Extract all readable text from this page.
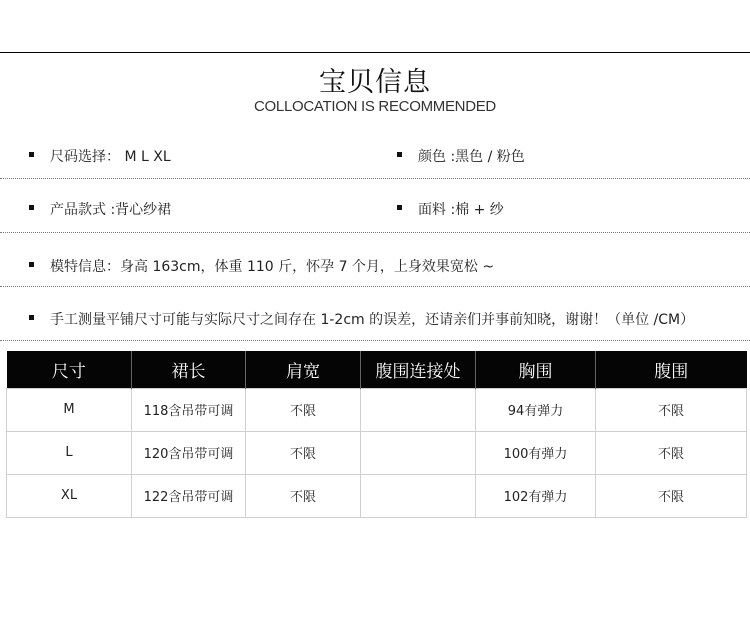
宝贝信息
COLLOCATION IS RECOMMENDED
尺码选择： M L XL	颜色 :黑色 / 粉色
产品款式 :背心纱裙	面料 :棉 + 纱
模特信息：身高 163cm，体重 110 斤，怀孕 7 个月，上身效果宽松 ~
手工测量平铺尺寸可能与实际尺寸之间存在 1-2cm 的误差，还请亲们并事前知晓，谢谢！（单位 /CM）
尺寸	裙长	肩宽	腹围连接处	胸围	腹围
M	118含吊带可调	不限		94有弹力	不限
L	120含吊带可调	不限		100有弹力	不限
XL	122含吊带可调	不限		102有弹力	不限
